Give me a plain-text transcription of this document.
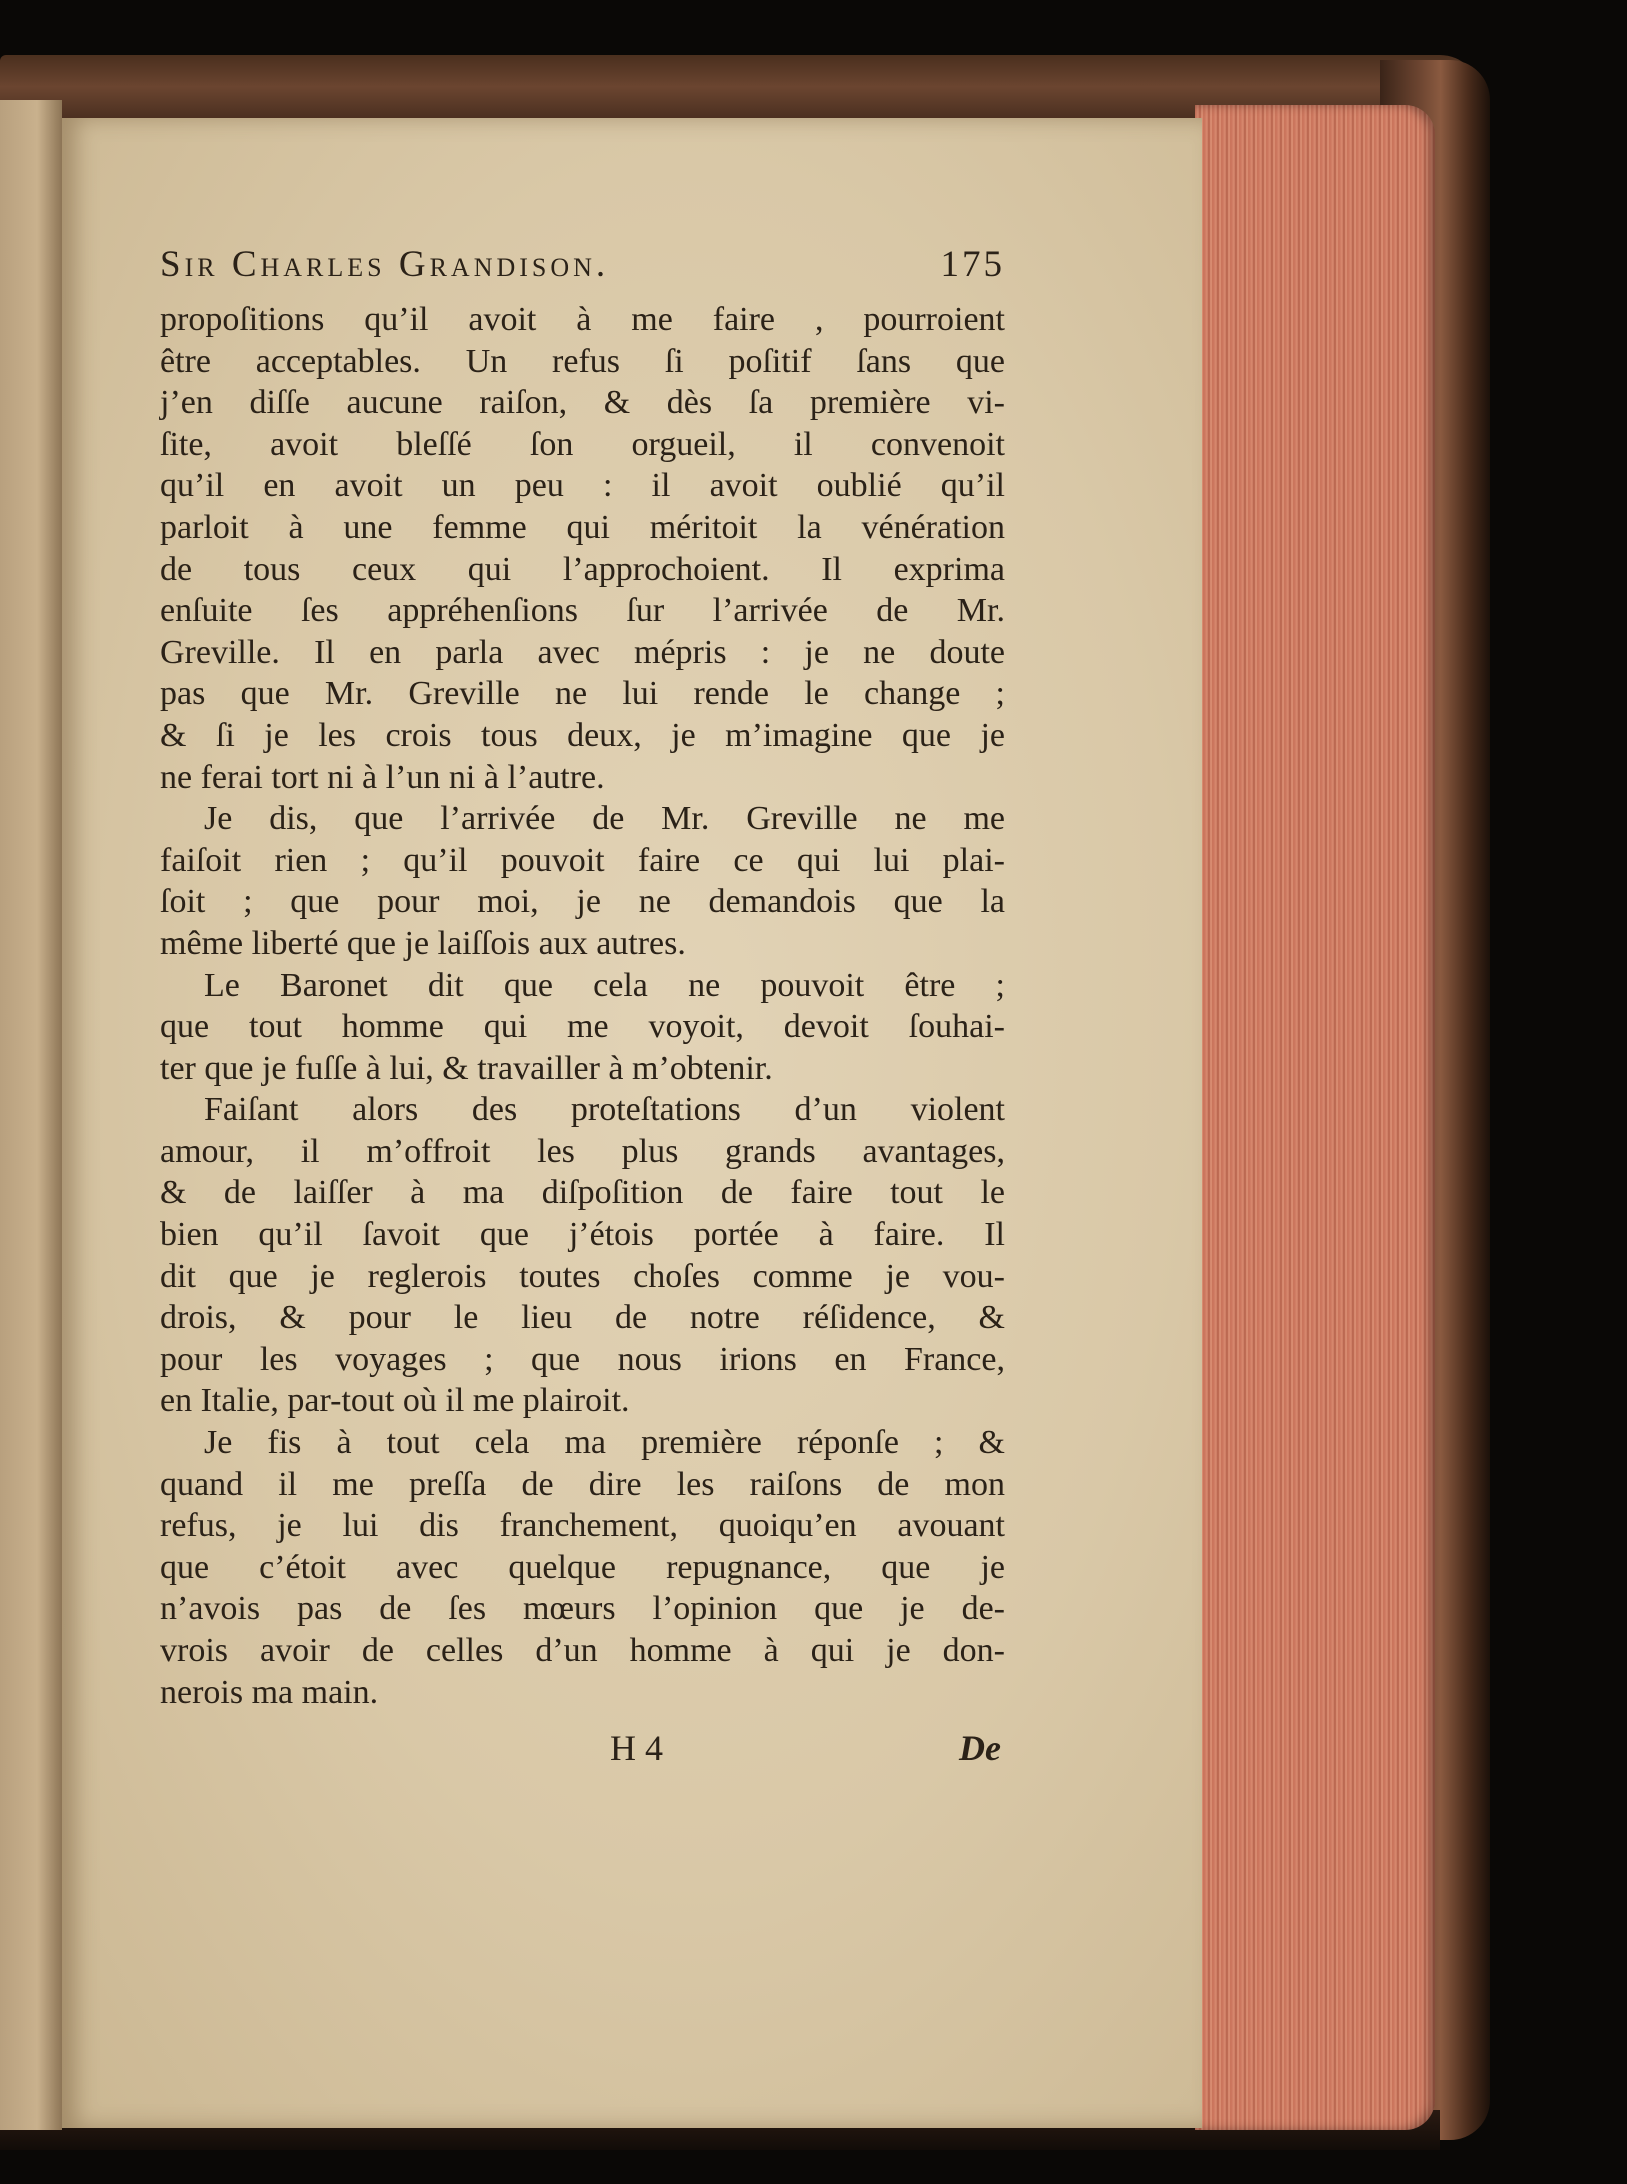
Sir Charles Grandison.	175
propoſitions qu’il avoit à me faire , pourroient
être acceptables. Un refus ſi poſitif ſans que
j’en diſſe aucune raiſon, & dès ſa première vi-
ſite, avoit bleſſé ſon orgueil, il convenoit
qu’il en avoit un peu : il avoit oublié qu’il
parloit à une femme qui méritoit la vénération
de tous ceux qui l’approchoient. Il exprima
enſuite ſes appréhenſions ſur l’arrivée de Mr.
Greville. Il en parla avec mépris : je ne doute
pas que Mr. Greville ne lui rende le change ;
& ſi je les crois tous deux, je m’imagine que je
ne ferai tort ni à l’un ni à l’autre.
Je dis, que l’arrivée de Mr. Greville ne me
faiſoit rien ; qu’il pouvoit faire ce qui lui plai-
ſoit ; que pour moi, je ne demandois que la
même liberté que je laiſſois aux autres.
Le Baronet dit que cela ne pouvoit être ;
que tout homme qui me voyoit, devoit ſouhai-
ter que je fuſſe à lui, & travailler à m’obtenir.
Faiſant alors des proteſtations d’un violent
amour, il m’offroit les plus grands avantages,
& de laiſſer à ma diſpoſition de faire tout le
bien qu’il ſavoit que j’étois portée à faire. Il
dit que je reglerois toutes choſes comme je vou-
drois, & pour le lieu de notre réſidence, &
pour les voyages ; que nous irions en France,
en Italie, par-tout où il me plairoit.
Je fis à tout cela ma première réponſe ; &
quand il me preſſa de dire les raiſons de mon
refus, je lui dis franchement, quoiqu’en avouant
que c’étoit avec quelque repugnance, que je
n’avois pas de ſes mœurs l’opinion que je de-
vrois avoir de celles d’un homme à qui je don-
nerois ma main.
H 4	De
